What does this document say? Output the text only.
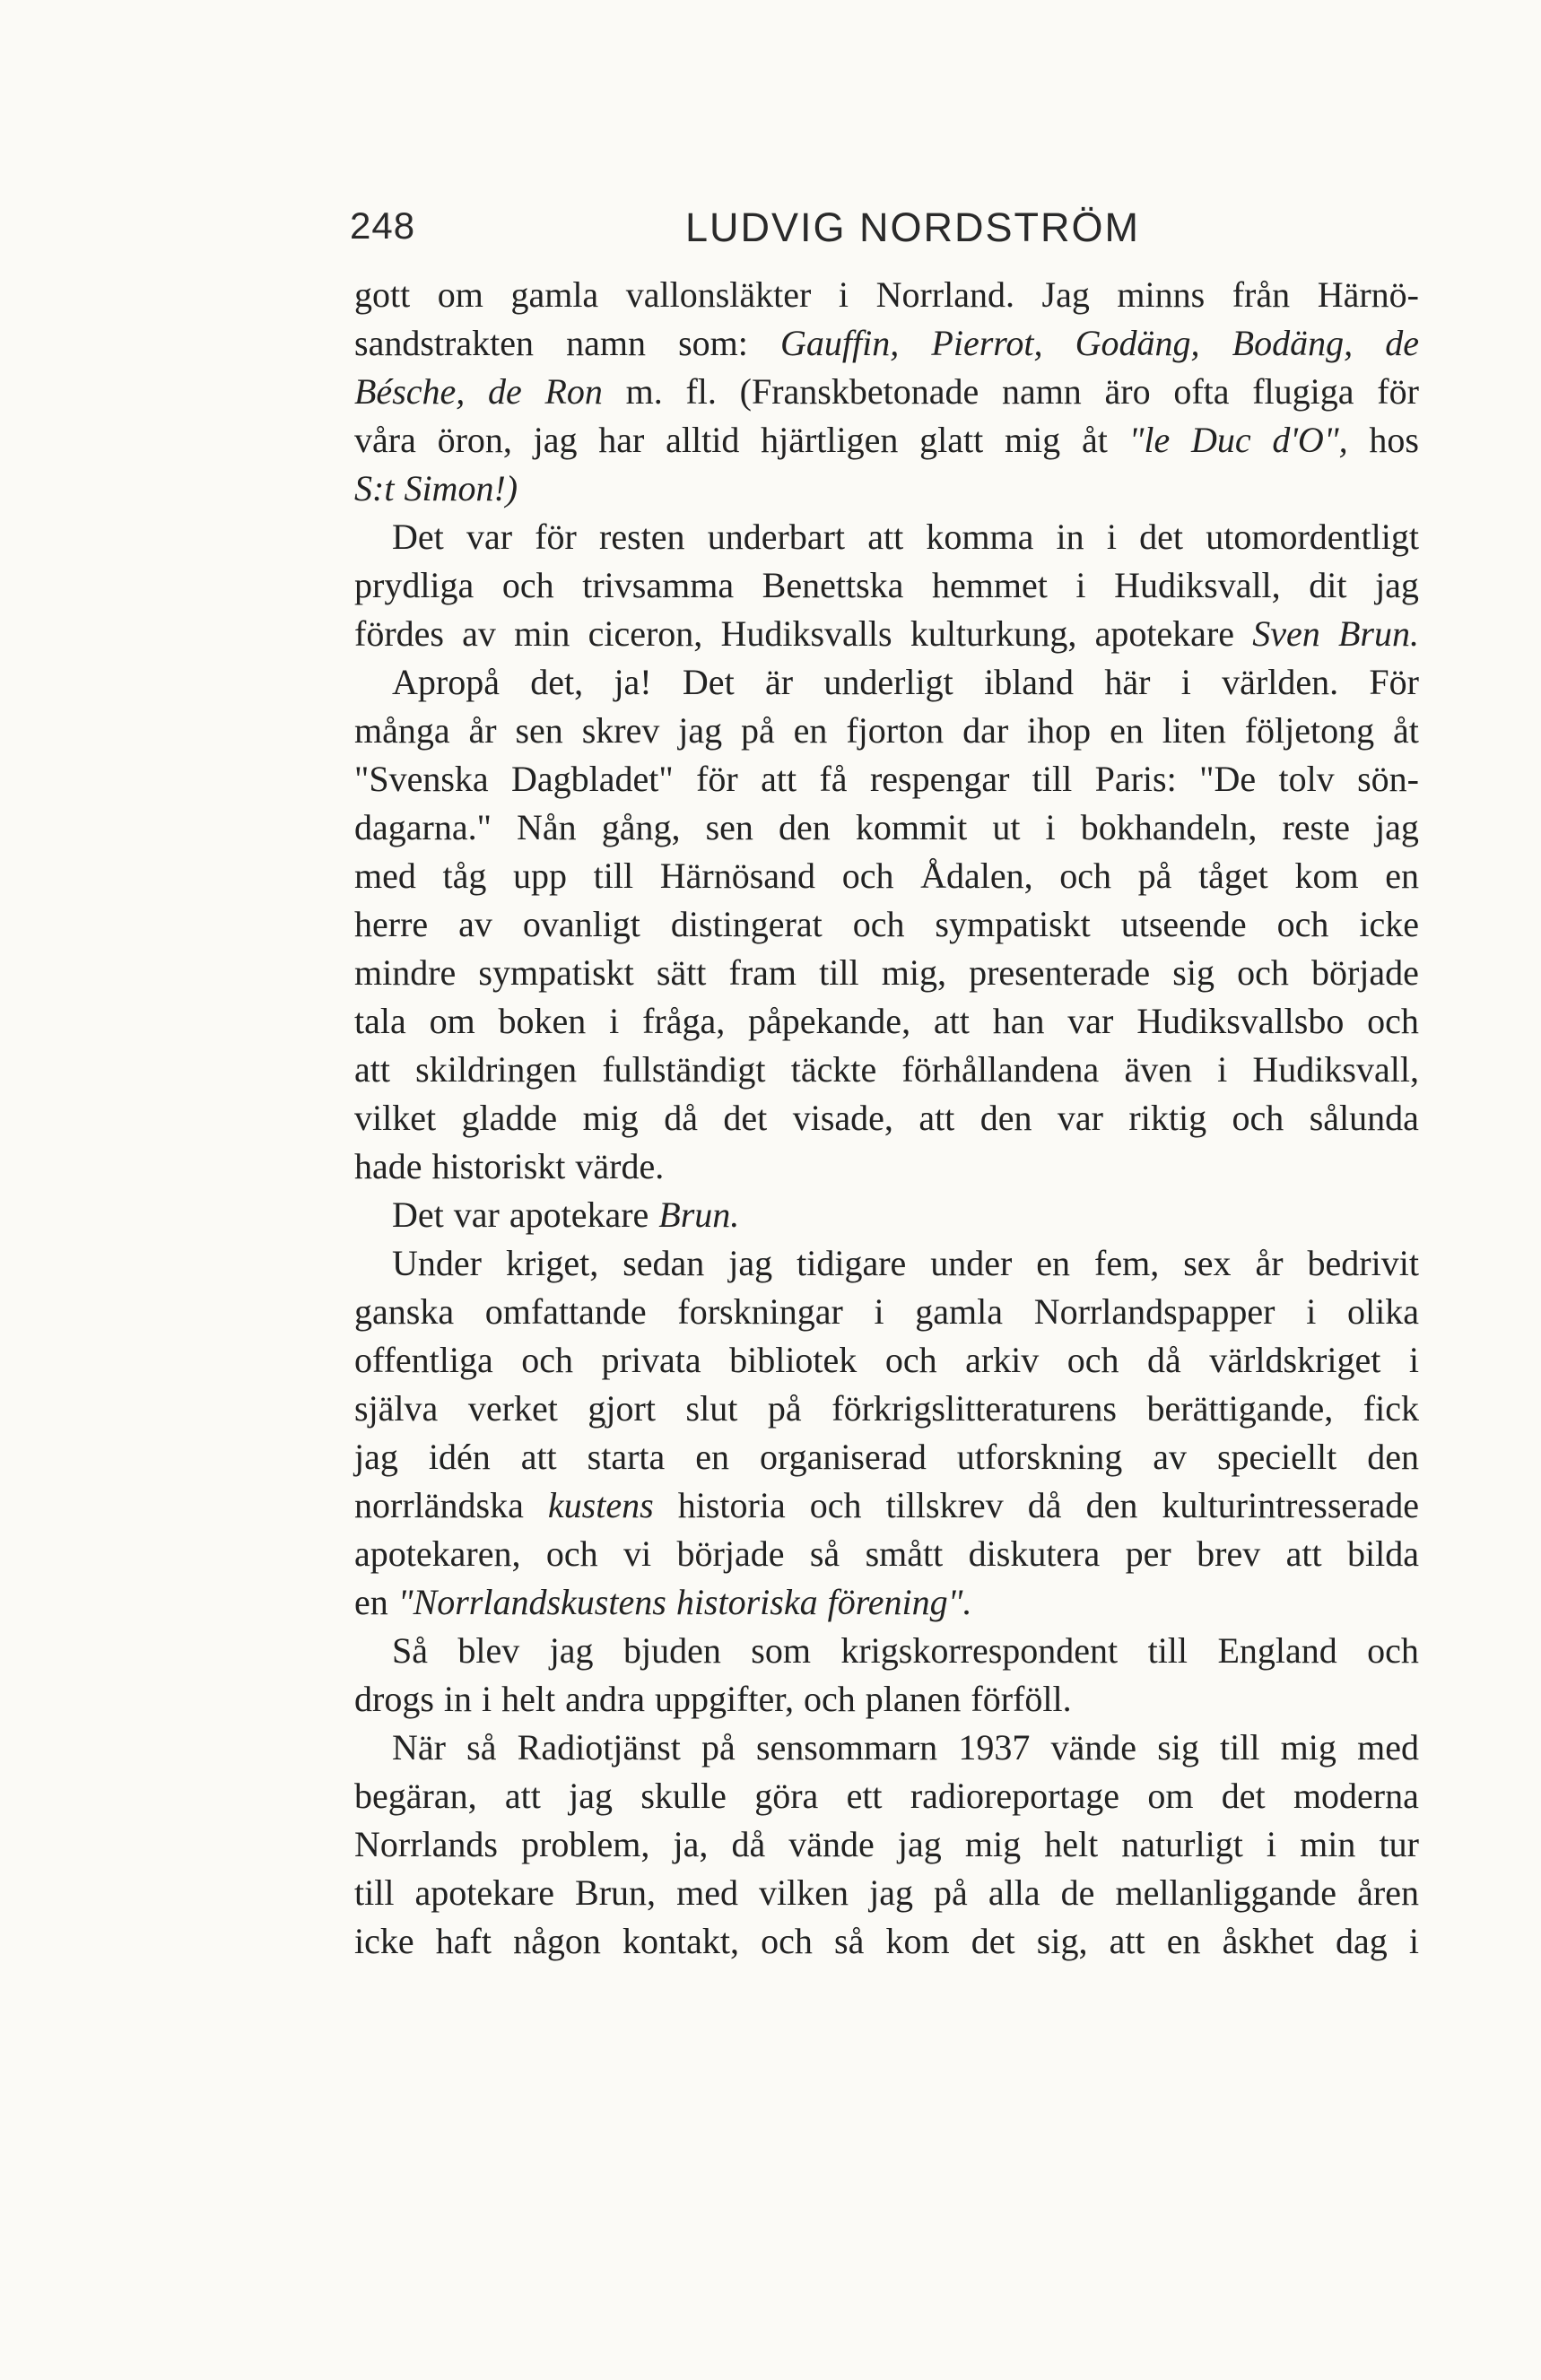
248	LUDVIG NORDSTRÖM
gott om gamla vallonsläkter i Norrland. Jag minns från Härnö-
sandstrakten namn som: Gauffin, Pierrot, Godäng, Bodäng, de
Bésche, de Ron m. fl. (Franskbetonade namn äro ofta flugiga för
våra öron, jag har alltid hjärtligen glatt mig åt "le Duc d'O", hos
S:t Simon!)
Det var för resten underbart att komma in i det utomordentligt
prydliga och trivsamma Benettska hemmet i Hudiksvall, dit jag
fördes av min ciceron, Hudiksvalls kulturkung, apotekare Sven Brun.
Apropå det, ja! Det är underligt ibland här i världen. För
många år sen skrev jag på en fjorton dar ihop en liten följetong åt
"Svenska Dagbladet" för att få respengar till Paris: "De tolv sön-
dagarna." Nån gång, sen den kommit ut i bokhandeln, reste jag
med tåg upp till Härnösand och Ådalen, och på tåget kom en
herre av ovanligt distingerat och sympatiskt utseende och icke
mindre sympatiskt sätt fram till mig, presenterade sig och började
tala om boken i fråga, påpekande, att han var Hudiksvallsbo och
att skildringen fullständigt täckte förhållandena även i Hudiksvall,
vilket gladde mig då det visade, att den var riktig och sålunda
hade historiskt värde.
Det var apotekare Brun.
Under kriget, sedan jag tidigare under en fem, sex år bedrivit
ganska omfattande forskningar i gamla Norrlandspapper i olika
offentliga och privata bibliotek och arkiv och då världskriget i
själva verket gjort slut på förkrigslitteraturens berättigande, fick
jag idén att starta en organiserad utforskning av speciellt den
norrländska kustens historia och tillskrev då den kulturintresserade
apotekaren, och vi började så smått diskutera per brev att bilda
en "Norrlandskustens historiska förening".
Så blev jag bjuden som krigskorrespondent till England och
drogs in i helt andra uppgifter, och planen förföll.
När så Radiotjänst på sensommarn 1937 vände sig till mig med
begäran, att jag skulle göra ett radioreportage om det moderna
Norrlands problem, ja, då vände jag mig helt naturligt i min tur
till apotekare Brun, med vilken jag på alla de mellanliggande åren
icke haft någon kontakt, och så kom det sig, att en åskhet dag i
